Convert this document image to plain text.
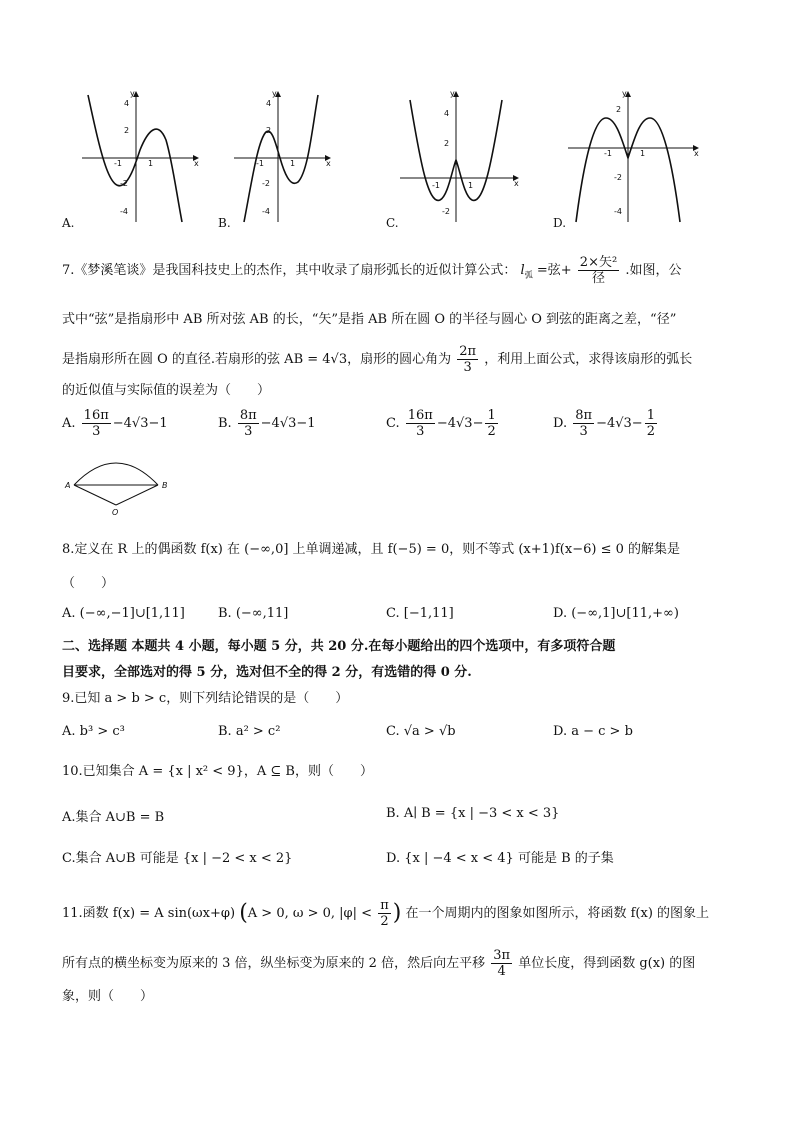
y
x
4
2
-1	1
-2
-4
y
x
4
2
-1	1
-2
-4
y
x
4
2
-1	1
-2
y
x
2
-1	1
-2
-4
A.	B.	C.	D.
7.《梦溪笔谈》是我国科技史上的杰作，其中收录了扇形弧长的近似计算公式： $l_弧$ =弦+ $\frac{\text{2×矢²}}{\text{径}}$ .如图，公
式中“弦”是指扇形中 AB 所对弦 AB 的长，“矢”是指 AB 所在圆 O 的半径与圆心 O 到弦的距离之差，“径”
是指扇形所在圆 O 的直径.若扇形的弦 AB = 4√3，扇形的圆心角为 $\frac{2\pi}{3}$ ，利用上面公式，求得该扇形的弧长
的近似值与实际值的误差为（　　）
A. $\frac{16\pi}{3} -4√3-1$	B. $\frac{8\pi}{3} -4√3-1$	C. $\frac{16\pi}{3} -4√3- \frac{1}{2}$	D. $\frac{8\pi}{3} -4√3- \frac{1}{2}$
A	B
O
8.定义在 R 上的偶函数 f(x) 在 (−∞,0] 上单调递减，且 f(−5) = 0，则不等式 (x+1)f(x−6) ≤ 0 的解集是
（　　）
A. (−∞,−1]∪[1,11]	B. (−∞,11]	C. [−1,11]	D. (−∞,1]∪[11,+∞)
二、选择题 本题共 4 小题，每小题 5 分，共 20 分.在每小题给出的四个选项中，有多项符合题
目要求，全部选对的得 5 分，选对但不全的得 2 分，有选错的得 0 分.
9.已知 a > b > c，则下列结论错误的是（　　）
A. b³ > c³	B. a² > c²	C. √a > √b	D. a − c > b
10.已知集合 A = {x | x² < 9}，A ⊆ B，则（　　）
A.集合 A∪B = B	B. A∣ B = {x | −3 < x < 3}
C.集合 A∪B 可能是 {x | −2 < x < 2}	D. {x | −4 < x < 4} 可能是 B 的子集
11.函数 f(x) = A sin(ωx+φ) (A > 0, ω > 0, $|\varphi| < \frac{\pi}{2}$ ) 在一个周期内的图象如图所示，将函数 f(x) 的图象上
所有点的横坐标变为原来的 3 倍，纵坐标变为原来的 2 倍，然后向左平移 $\frac{3\pi}{4}$ 单位长度，得到函数 g(x) 的图
象，则（　　）
